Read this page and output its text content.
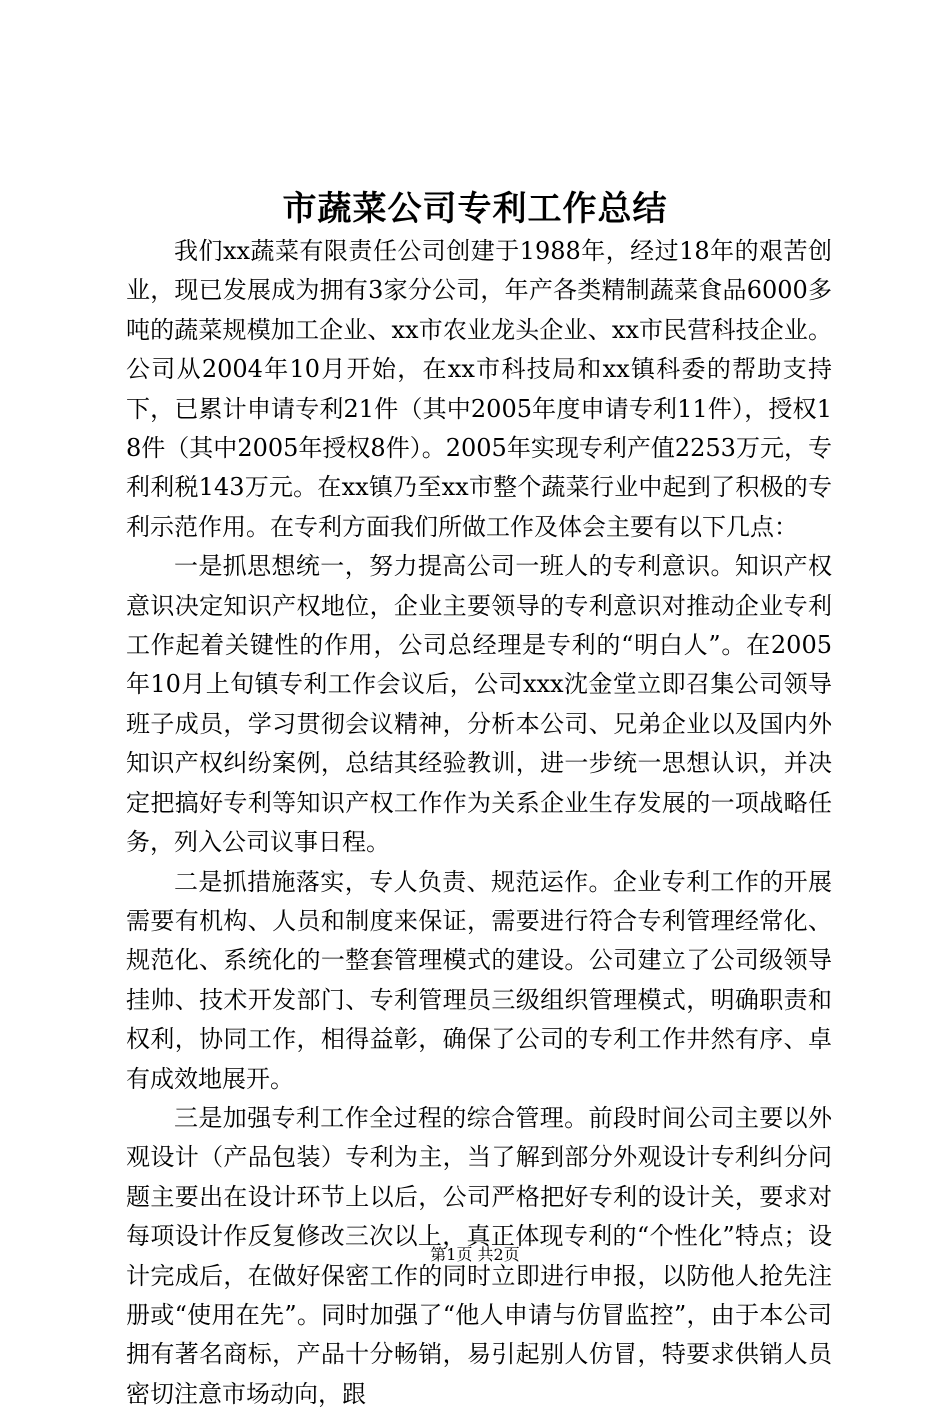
市蔬菜公司专利工作总结

我们xx蔬菜有限责任公司创建于1988年，经过18年的艰苦创业，现已发展成为拥有3家分公司，年产各类精制蔬菜食品6000多吨的蔬菜规模加工企业、xx市农业龙头企业、xx市民营科技企业。公司从2004年10月开始，在xx市科技局和xx镇科委的帮助支持下，已累计申请专利21件（其中2005年度申请专利11件），授权18件（其中2005年授权8件）。2005年实现专利产值2253万元，专利利税143万元。在xx镇乃至xx市整个蔬菜行业中起到了积极的专利示范作用。在专利方面我们所做工作及体会主要有以下几点：

一是抓思想统一，努力提高公司一班人的专利意识。知识产权意识决定知识产权地位，企业主要领导的专利意识对推动企业专利工作起着关键性的作用，公司总经理是专利的“明白人”。在2005年10月上旬镇专利工作会议后，公司xxx沈金堂立即召集公司领导班子成员，学习贯彻会议精神，分析本公司、兄弟企业以及国内外知识产权纠纷案例，总结其经验教训，进一步统一思想认识，并决定把搞好专利等知识产权工作作为关系企业生存发展的一项战略任务，列入公司议事日程。

二是抓措施落实，专人负责、规范运作。企业专利工作的开展需要有机构、人员和制度来保证，需要进行符合专利管理经常化、规范化、系统化的一整套管理模式的建设。公司建立了公司级领导挂帅、技术开发部门、专利管理员三级组织管理模式，明确职责和权利，协同工作，相得益彰，确保了公司的专利工作井然有序、卓有成效地展开。

三是加强专利工作全过程的综合管理。前段时间公司主要以外观设计（产品包装）专利为主，当了解到部分外观设计专利纠分问题主要出在设计环节上以后，公司严格把好专利的设计关，要求对每项设计作反复修改三次以上，真正体现专利的“个性化”特点；设计完成后，在做好保密工作的同时立即进行申报，以防他人抢先注册或“使用在先”。同时加强了“他人申请与仿冒监控”，由于本公司拥有著名商标，产品十分畅销，易引起别人仿冒，特要求供销人员密切注意市场动向，跟

第1页 共2页
